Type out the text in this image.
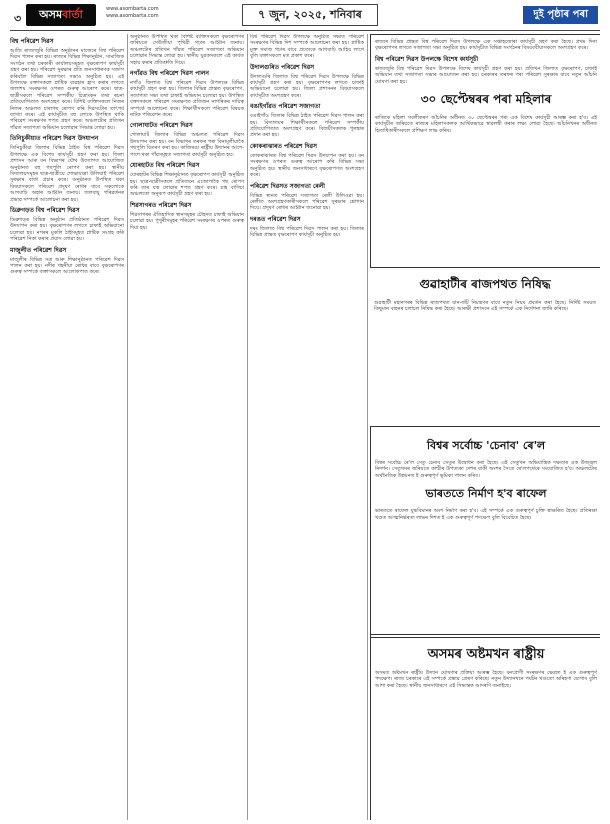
৩	অসমবাৰ্তা	www.asombarta.com
www.asombarta.com	৭ জুন, ২০২৫, শনিবাৰ	দুই পৃষ্ঠাৰ পৰা
বিশ্ব পৰিৱেশ দিৱস
আজি ৰাজ্যজুৰি বিভিন্ন অনুষ্ঠানৰ মাজেৰে বিশ্ব পৰিৱেশ দিৱস পালন কৰা হয়। ৰাজ্যৰ বিভিন্ন শিক্ষানুষ্ঠান, সামাজিক সংগঠন তথা চৰকাৰী কাৰ্যালয়সমূহত বৃক্ষৰোপণ কাৰ্যসূচী গ্ৰহণ কৰা হয়। পৰিৱেশ সুৰক্ষাৰ প্ৰতি জনসাধাৰণক সজাগ কৰিবলৈ বিভিন্ন সজাগতা সভাও অনুষ্ঠিত হয়। এই উপলক্ষে বক্তাসকলে প্লাষ্টিক ব্যৱহাৰ হ্ৰাস কৰাৰ লগতে জলাশয় সংৰক্ষণৰ ওপৰত গুৰুত্ব আৰোপ কৰে। ছাত্ৰ-ছাত্ৰীসকলে পৰিৱেশ সম্পৰ্কীয় চিত্ৰাংকন তথা ৰচনা প্ৰতিযোগিতাত অংশগ্ৰহণ কৰে। বিশিষ্ট ব্যক্তিসকলে নিজৰ নিজৰ অঞ্চলত চাৰাগছ ৰোপণ কৰি দিৱসটোৰ তাৎপৰ্য ব্যাখ্যা কৰে। এই কাৰ্যসূচীত বহু লোকে উপস্থিত থাকি পৰিৱেশ সংৰক্ষণৰ শপত গ্ৰহণ কৰে। অঞ্চলটোৰ প্ৰতিখন গাঁৱত সজাগতা অভিযান চলোৱাৰ সিদ্ধান্ত লোৱা হয়।
তিনিচুকীয়াত পৰিৱেশ দিৱস উদযাপন
তিনিচুকীয়া জিলাৰ বিভিন্ন ঠাইত বিশ্ব পৰিৱেশ দিৱস উপলক্ষে এক বিশেষ কাৰ্যসূচী গ্ৰহণ কৰা হয়। জিলা প্ৰশাসন আৰু বন বিভাগৰ যৌথ উদ্যোগত আয়োজিত অনুষ্ঠানত বহু গছপুলি ৰোপণ কৰা হয়। স্থানীয় বিদ্যালয়সমূহৰ ছাত্ৰ-ছাত্ৰীয়ে শোভাযাত্ৰা উলিয়াই পৰিৱেশ সুৰক্ষাৰ বাৰ্তা প্ৰচাৰ কৰে। অনুষ্ঠানত উপস্থিত থকা বিষয়াসকলে পৰিৱেশ প্ৰদূষণ ৰোধৰ বাবে সকলোকে আগবাঢ়ি অহাৰ আহ্বান জনায়। জলবায়ু পৰিৱৰ্তনৰ প্ৰভাৱ সম্পৰ্কে আলোচনা কৰা হয়।
ডিব্ৰুগড়ত বিশ্ব পৰিৱেশ দিৱস
ডিব্ৰুগড়ৰ বিভিন্ন অনুষ্ঠান প্ৰতিষ্ঠানত পৰিৱেশ দিৱস উদযাপন কৰা হয়। বৃক্ষৰোপণৰ লগতে চাফাই অভিযানো চলোৱা হয়। নগৰৰ মুকলি ঠাইসমূহত প্লাষ্টিক সংগ্ৰহ কৰি পৰিৱেশ নিকা কৰাৰ প্ৰয়াস লোৱা হয়।
মাজুলীত পৰিৱেশ দিৱস
মাজুলীৰ বিভিন্ন সত্ৰ আৰু শিক্ষানুষ্ঠানত পৰিৱেশ দিৱস পালন কৰা হয়। নদীৰ খহনীয়া ৰোধৰ বাবে বৃক্ষৰোপণৰ গুৰুত্ব সম্পৰ্কে বক্তাসকলে আলোকপাত কৰে।
অনুষ্ঠানত উপস্থিত থকা বিশিষ্ট ব্যক্তিসকলে বৃক্ষৰোপণৰ জৰিয়তে সেউজীয়া পৃথিৱী গঢ়াৰ আহ্বান জনায়। অঞ্চলটোৰ প্ৰতিখন গাঁৱত পৰিৱেশ সজাগতা অভিযান চলোৱাৰ সিদ্ধান্ত লোৱা হয়। স্থানীয় যুৱকসকলে এই কাৰ্যত সহায় কৰাৰ প্ৰতিশ্ৰুতি দিয়ে।
নগাঁৱত বিশ্ব পৰিৱেশ দিৱস পালন
নগাঁও জিলাত বিশ্ব পৰিৱেশ দিৱস উপলক্ষে বিভিন্ন কাৰ্যসূচী গ্ৰহণ কৰা হয়। জিলাৰ বিভিন্ন প্ৰান্তত বৃক্ষৰোপণ, সজাগতা সভা তথা চাফাই অভিযান চলোৱা হয়। উপস্থিত বক্তাসকলে পৰিৱেশ সংৰক্ষণত প্ৰতিজন নাগৰিকৰ দায়িত্ব সম্পৰ্কে আলোচনা কৰে। শিক্ষাৰ্থীসকলে পৰিৱেশ বিষয়ক নাটক পৰিৱেশন কৰে।
গোলাঘাটত পৰিৱেশ দিৱস
গোলাঘাট জিলাৰ বিভিন্ন অঞ্চলত পৰিৱেশ দিৱস উদযাপন কৰা হয়। বন বিভাগৰ তৰফৰ পৰা বিনামূলীয়াকৈ গছপুলি বিতৰণ কৰা হয়। কাজিৰঙা ৰাষ্ট্ৰীয় উদ্যানৰ আশে-পাশে থকা গাঁৱসমূহত সজাগতা কাৰ্যসূচী অনুষ্ঠিত হয়।
যোৰহাটত বিশ্ব পৰিৱেশ দিৱস
যোৰহাটৰ বিভিন্ন শিক্ষানুষ্ঠানত বৃক্ষৰোপণ কাৰ্যসূচী অনুষ্ঠিত হয়। ছাত্ৰ-ছাত্ৰীসকলে প্ৰতিজনে এজোপাকৈ গছ ৰোপণ কৰি তাৰ যত্ন লোৱাৰ শপত গ্ৰহণ কৰে। চাহ বাগিচা অঞ্চলতো অনুৰূপ কাৰ্যসূচী গ্ৰহণ কৰা হয়।
শিৱসাগৰত পৰিৱেশ দিৱস
শিৱসাগৰৰ ঐতিহাসিক স্থানসমূহৰ চৌহদত চাফাই অভিযান চলোৱা হয়। পুখুৰীসমূহৰ পৰিৱেশ সংৰক্ষণৰ ওপৰত গুৰুত্ব দিয়া হয়।
বিশ্ব পৰিৱেশ দিৱস উপলক্ষে অনুষ্ঠিত সভাত পৰিৱেশ সংৰক্ষণৰ বিভিন্ন দিশ সম্পৰ্কে আলোচনা কৰা হয়। প্লাষ্টিক মুক্ত সমাজ গঢ়াৰ বাবে প্ৰত্যেকে আগবাঢ়ি আহিব লাগে বুলি বক্তাসকলে মত প্ৰকাশ কৰে।
উদালগুৰিত পৰিৱেশ দিৱস
উদালগুৰি জিলাত বিশ্ব পৰিৱেশ দিৱস উপলক্ষে বিভিন্ন কাৰ্যসূচী গ্ৰহণ কৰা হয়। বৃক্ষৰোপণৰ লগতে চাফাই অভিযানো চলোৱা হয়। জিলা প্ৰশাসনৰ বিষয়াসকলে কাৰ্যসূচীত অংশগ্ৰহণ কৰে।
বঙাইগাঁৱত পৰিৱেশ সজাগতা
বঙাইগাঁও জিলাৰ বিভিন্ন ঠাইত পৰিৱেশ দিৱস পালন কৰা হয়। বিদ্যালয়ৰ শিক্ষাৰ্থীসকলে পৰিৱেশ সম্পৰ্কীয় প্ৰতিযোগিতাত অংশগ্ৰহণ কৰে। বিজয়ীসকলক পুৰস্কাৰ প্ৰদান কৰা হয়।
কোকৰাঝাৰত পৰিৱেশ দিৱস
কোকৰাঝাৰত বিশ্ব পৰিৱেশ দিৱস উদযাপন কৰা হয়। বন সংৰক্ষণৰ ওপৰত গুৰুত্ব আৰোপ কৰি বিভিন্ন সভা অনুষ্ঠিত হয়। স্থানীয় জনসাধাৰণে বৃক্ষৰোপণত অংশগ্ৰহণ কৰে।
পৰিৱেশ দিৱসত সজাগতা ৰেলী
বিভিন্ন স্থানত পৰিৱেশ সজাগতা ৰেলী উলিওৱা হয়। ৰেলীত অংশগ্ৰহণকাৰীসকলে পৰিৱেশ সুৰক্ষাৰ শ্লোগান দিয়ে। প্ৰদূষণ ৰোধৰ আহ্বান জনোৱা হয়।
দৰঙত পৰিৱেশ দিৱস
দৰং জিলাত বিশ্ব পৰিৱেশ দিৱস পালন কৰা হয়। জিলাৰ বিভিন্ন প্ৰান্তত বৃক্ষৰোপণ কাৰ্যসূচী অনুষ্ঠিত হয়।
ৰাজ্যৰ বিভিন্ন প্ৰান্তত বিশ্ব পৰিৱেশ দিৱস উপলক্ষে এক সপ্তাহজোৰা কাৰ্যসূচী গ্ৰহণ কৰা হৈছে। প্ৰথম দিনা বৃক্ষৰোপণৰ লগতে সজাগতা সভা অনুষ্ঠিত হয়। কাৰ্যসূচীত বিভিন্ন সংগঠনৰ বিষয়ববীয়াসকলে অংশগ্ৰহণ কৰে।
বিশ্ব পৰিৱেশ দিৱস উপলক্ষে বিশেষ কাৰ্যসূচী
ৰাজ্যজুৰি বিশ্ব পৰিৱেশ দিৱস উপলক্ষে বিশেষ কাৰ্যসূচী গ্ৰহণ কৰা হয়। প্ৰতিখন জিলাত বৃক্ষৰোপণ, চাফাই অভিযান তথা সজাগতা সভাৰ আয়োজন কৰা হয়। চৰকাৰৰ তৰফৰ পৰা পৰিৱেশ সুৰক্ষাৰ বাবে নতুন আঁচনি ঘোষণা কৰা হয়।
৩০ ছেপ্টেম্বৰৰ পৰা মহিলাৰ
ৰাজ্যিক মহিলা সবলীকৰণ আঁচনিৰ অধীনত ৩০ ছেপ্টেম্বৰৰ পৰা এক বিশেষ কাৰ্যসূচী আৰম্ভ কৰা হ'ব। এই কাৰ্যসূচীৰ জৰিয়তে ৰাজ্যৰ মহিলাসকলক আৰ্থিকভাৱে স্বাৱলম্বী কৰাৰ লক্ষ্য লোৱা হৈছে। আঁচনিখনৰ অধীনত হিতাধিকাৰীসকলে প্ৰশিক্ষণ লাভ কৰিব।
গুৱাহাটীৰ ৰাজপথত নিষিদ্ধ
গুৱাহাটী মহানগৰৰ বিভিন্ন ৰাজপথত যান-জঁট নিয়ন্ত্ৰণৰ বাবে নতুন নিয়ম প্ৰবৰ্তন কৰা হৈছে। নিৰ্দিষ্ট সময়ত কিছুমান বাহনৰ চলাচল নিষিদ্ধ কৰা হৈছে। আৰক্ষী প্ৰশাসনে এই সম্পৰ্কে এক নিৰ্দেশনা জাৰি কৰিছে।
বিশ্বৰ সৰ্বোচ্চ 'চেনাব' ৰে'ল
বিশ্বৰ সৰ্বোচ্চ ৰে'ল সেতু চেনাব সেতুৰ উদ্বোধন কৰা হৈছে। এই সেতুখন অভিযান্ত্ৰিক দক্ষতাৰ এক উজ্জ্বল নিদৰ্শন। সেতুখনৰ জৰিয়তে কাশ্মীৰ উপত্যকা দেশৰ বাকী অংশৰ সৈতে ৰে'লপথেৰে সংযোজিত হ'ব। অঞ্চলটোৰ অৰ্থনৈতিক উন্নয়নত ই গুৰুত্বপূৰ্ণ ভূমিকা পালন কৰিব।
ভাৰততে নিৰ্মাণ হ'ব ৰাফেল
ভাৰততে ৰাফেল যুদ্ধবিমানৰ অংশ নিৰ্মাণ কৰা হ'ব। এই সম্পৰ্কে এক গুৰুত্বপূৰ্ণ চুক্তি স্বাক্ষৰিত হৈছে। প্ৰতিৰক্ষা খণ্ডত আত্মনিৰ্ভৰতা লাভৰ দিশত ই এক গুৰুত্বপূৰ্ণ পদক্ষেপ বুলি বিবেচিত হৈছে।
অসমৰ অষ্টমখন ৰাষ্ট্ৰীয়
অসমত অষ্টমখন ৰাষ্ট্ৰীয় উদ্যান ঘোষণাৰ প্ৰক্ৰিয়া আৰম্ভ হৈছে। বন্যপ্ৰাণী সংৰক্ষণৰ ক্ষেত্ৰত ই এক গুৰুত্বপূৰ্ণ পদক্ষেপ। ৰাজ্য চৰকাৰে এই সম্পৰ্কে প্ৰস্তাৱ প্ৰেৰণ কৰিছে। নতুন উদ্যানখনে পৰ্যটন খণ্ডতো অৰিহণা যোগাব বুলি আশা কৰা হৈছে। স্থানীয় জনসাধাৰণে এই সিদ্ধান্তক আদৰণি জনাইছে।
